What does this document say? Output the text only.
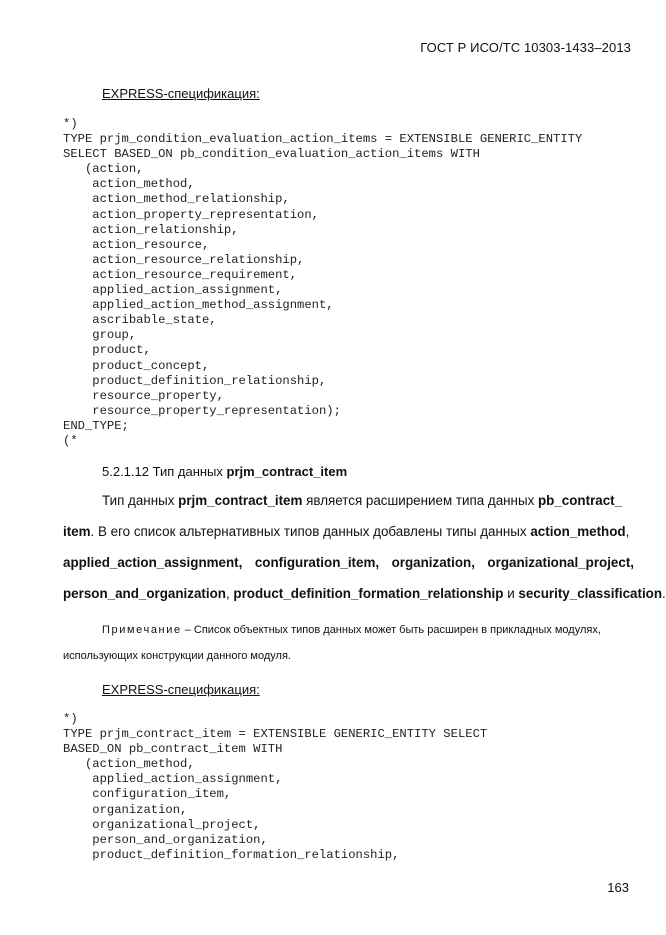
ГОСТ Р ИСО/ТС 10303-1433–2013
EXPRESS-спецификация:
*)
TYPE prjm_condition_evaluation_action_items = EXTENSIBLE GENERIC_ENTITY
SELECT BASED_ON pb_condition_evaluation_action_items WITH
(action,
action_method,
action_method_relationship,
action_property_representation,
action_relationship,
action_resource,
action_resource_relationship,
action_resource_requirement,
applied_action_assignment,
applied_action_method_assignment,
ascribable_state,
group,
product,
product_concept,
product_definition_relationship,
resource_property,
resource_property_representation);
END_TYPE;
(*
5.2.1.12 Тип данных prjm_contract_item
Тип данных prjm_contract_item является расширением типа данных pb_contract_
item. В его список альтернативных типов данных добавлены типы данных action_method,
applied_action_assignment, configuration_item, organization, organizational_project,
person_and_organization, product_definition_formation_relationship и security_classification.
Примечание – Список объектных типов данных может быть расширен в прикладных модулях,
использующих конструкции данного модуля.
EXPRESS-спецификация:
*)
TYPE prjm_contract_item = EXTENSIBLE GENERIC_ENTITY SELECT
BASED_ON pb_contract_item WITH
(action_method,
applied_action_assignment,
configuration_item,
organization,
organizational_project,
person_and_organization,
product_definition_formation_relationship,
163
